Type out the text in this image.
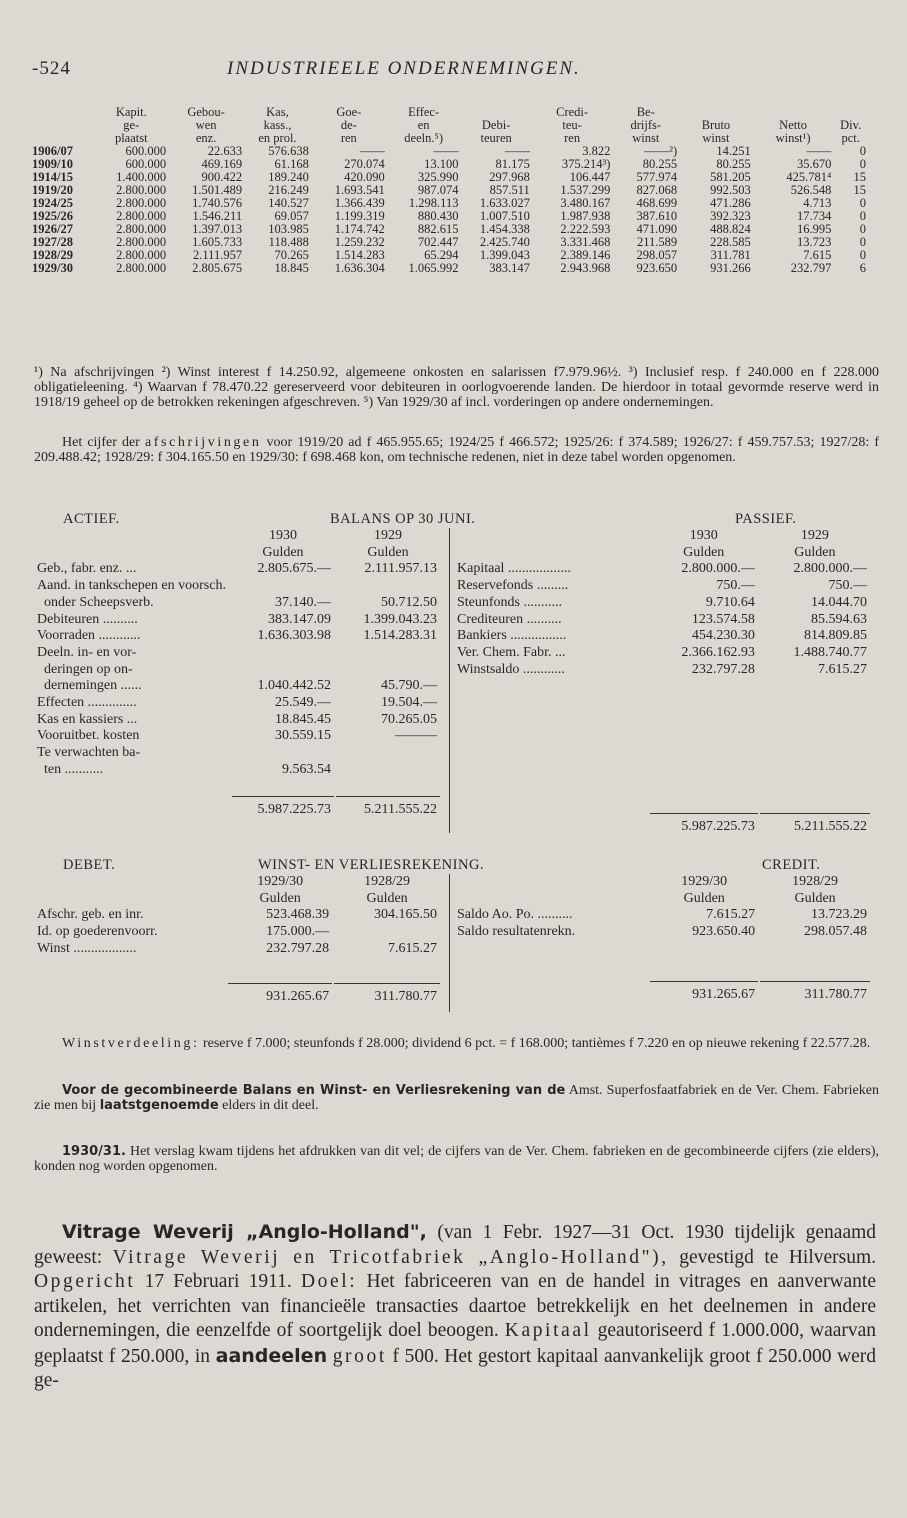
-524	INDUSTRIEELE ONDERNEMINGEN.
	Kapit.	Gebou-	Kas,	Goe-	Effec-		Credi-	Be-			
	ge-	wen	kass.,	de-	en	Debi-	teu-	drijfs-	Bruto	Netto	Div.
	plaatst	enz.	en prol.	ren	deeln.⁵)	teuren	ren	winst	winst	winst¹)	pct.
1906/07	600.000	22.633	576.638	——	——	——	3.822	——²)	14.251	——	0
1909/10	600.000	469.169	61.168	270.074	13.100	81.175	375.214³)	80.255	80.255	35.670	0
1914/15	1.400.000	900.422	189.240	420.090	325.990	297.968	106.447	577.974	581.205	425.781⁴	15
1919/20	2.800.000	1.501.489	216.249	1.693.541	987.074	857.511	1.537.299	827.068	992.503	526.548	15
1924/25	2.800.000	1.740.576	140.527	1.366.439	1.298.113	1.633.027	3.480.167	468.699	471.286	4.713	0
1925/26	2.800.000	1.546.211	69.057	1.199.319	880.430	1.007.510	1.987.938	387.610	392.323	17.734	0
1926/27	2.800.000	1.397.013	103.985	1.174.742	882.615	1.454.338	2.222.593	471.090	488.824	16.995	0
1927/28	2.800.000	1.605.733	118.488	1.259.232	702.447	2.425.740	3.331.468	211.589	228.585	13.723	0
1928/29	2.800.000	2.111.957	70.265	1.514.283	65.294	1.399.043	2.389.146	298.057	311.781	7.615	0
1929/30	2.800.000	2.805.675	18.845	1.636.304	1.065.992	383.147	2.943.968	923.650	931.266	232.797	6
¹) Na afschrijvingen ²) Winst interest f 14.250.92, algemeene onkosten en salarissen f7.979.96½. ³) Inclusief resp. f 240.000 en f 228.000 obligatieleening. ⁴) Waarvan f 78.470.22 gereserveerd voor debiteuren in oorlogvoerende landen. De hierdoor in totaal gevormde reserve werd in 1918/19 geheel op de betrokken rekeningen afgeschreven. ⁵) Van 1929/30 af incl. vorderingen op andere ondernemingen.
Het cijfer der afschrijvingen voor 1919/20 ad f 465.955.65; 1924/25 f 466.572; 1925/26: f 374.589; 1926/27: f 459.757.53; 1927/28: f 209.488.42; 1928/29: f 304.165.50 en 1929/30: f 698.468 kon, om technische redenen, niet in deze tabel worden opgenomen.
ACTIEF.	BALANS OP 30 JUNI.	PASSIEF.
	1930	1929
	Gulden	Gulden
Geb., fabr. enz. ...	2.805.675.—	2.111.957.13
Aand. in tankschepen en voorsch.		
onder Scheepsverb.	37.140.—	50.712.50
Debiteuren ..........	383.147.09	1.399.043.23
Voorraden ............	1.636.303.98	1.514.283.31
Deeln. in- en vor-		
deringen op on-		
dernemingen ......	1.040.442.52	45.790.—
Effecten ..............	25.549.—	19.504.—
Kas en kassiers ...	18.845.45	70.265.05
Vooruitbet. kosten	30.559.15	———
Te verwachten ba-		
ten ...........	9.563.54	

	5.987.225.73	5.211.555.22
	1930	1929
	Gulden	Gulden
Kapitaal ..................	2.800.000.—	2.800.000.—
Reservefonds .........	750.—	750.—
Steunfonds ...........	9.710.64	14.044.70
Crediteuren ..........	123.574.58	85.594.63
Bankiers ................	454.230.30	814.809.85
Ver. Chem. Fabr. ...	2.366.162.93	1.488.740.77
Winstsaldo ............	232.797.28	7.615.27

	5.987.225.73	5.211.555.22
DEBET.	WINST- EN VERLIESREKENING.	CREDIT.
	1929/30	1928/29
	Gulden	Gulden
Afschr. geb. en inr.	523.468.39	304.165.50
Id. op goederenvoorr.	175.000.—	
Winst ..................	232.797.28	7.615.27

	931.265.67	311.780.77
	1929/30	1928/29
	Gulden	Gulden
Saldo Ao. Po. ..........	7.615.27	13.723.29
Saldo resultatenrekn.	923.650.40	298.057.48

	931.265.67	311.780.77
Winstverdeeling: reserve f 7.000; steunfonds f 28.000; dividend 6 pct. = f 168.000; tantièmes f 7.220 en op nieuwe rekening f 22.577.28.
Voor de gecombineerde Balans en Winst- en Verliesrekening van de Amst. Superfosfaatfabriek en de Ver. Chem. Fabrieken zie men bij laatstgenoemde elders in dit deel.
1930/31. Het verslag kwam tijdens het afdrukken van dit vel; de cijfers van de Ver. Chem. fabrieken en de gecombineerde cijfers (zie elders), konden nog worden opgenomen.
Vitrage Weverij „Anglo-Holland", (van 1 Febr. 1927—31 Oct. 1930 tijdelijk genaamd geweest: Vitrage Weverij en Tricotfabriek „Anglo-Holland"), gevestigd te Hilversum. Opgericht 17 Februari 1911. Doel: Het fabriceeren van en de handel in vitrages en aanverwante artikelen, het verrichten van financieële transacties daartoe betrekkelijk en het deelnemen in andere ondernemingen, die eenzelfde of soortgelijk doel beoogen. Kapitaal geautoriseerd f 1.000.000, waarvan geplaatst f 250.000, in aandeelen groot f 500. Het gestort kapitaal aanvankelijk groot f 250.000 werd ge-
